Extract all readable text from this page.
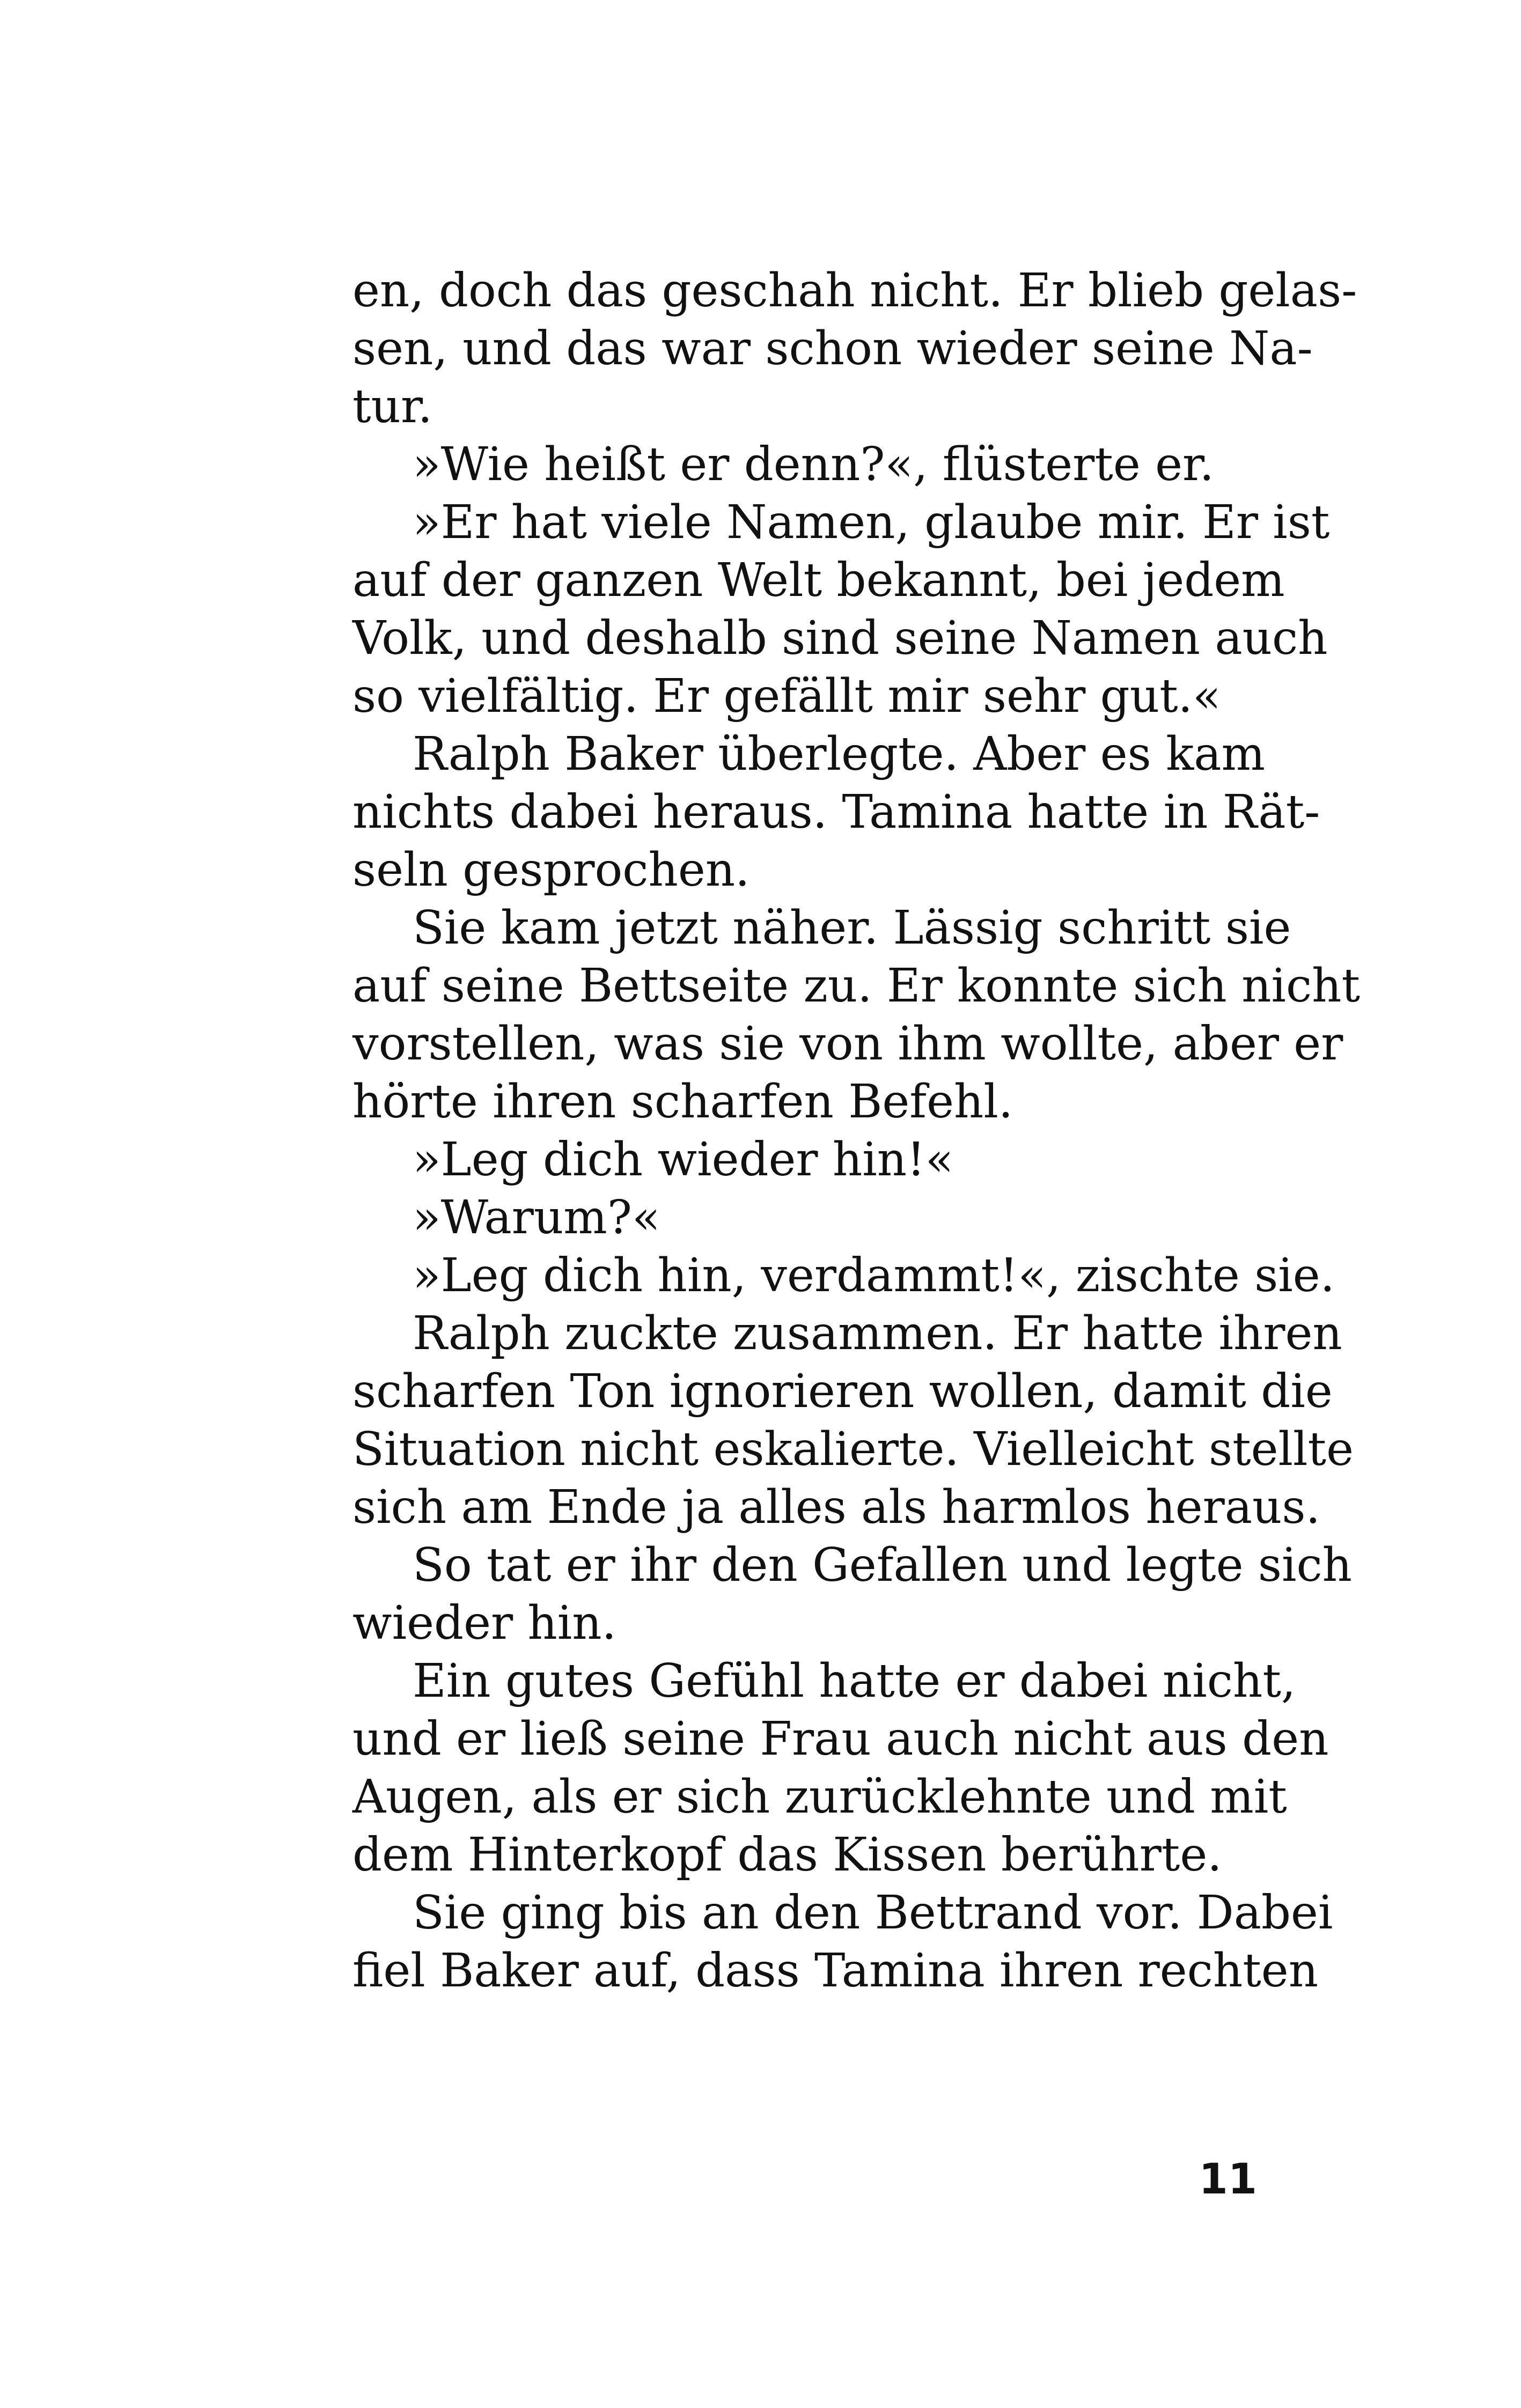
en, doch das geschah nicht. Er blieb gelas-
sen, und das war schon wieder seine Na-
tur.
»Wie heißt er denn?«, flüsterte er.
»Er hat viele Namen, glaube mir. Er ist
auf der ganzen Welt bekannt, bei jedem
Volk, und deshalb sind seine Namen auch
so vielfältig. Er gefällt mir sehr gut.«
Ralph Baker überlegte. Aber es kam
nichts dabei heraus. Tamina hatte in Rät-
seln gesprochen.
Sie kam jetzt näher. Lässig schritt sie
auf seine Bettseite zu. Er konnte sich nicht
vorstellen, was sie von ihm wollte, aber er
hörte ihren scharfen Befehl.
»Leg dich wieder hin!«
»Warum?«
»Leg dich hin, verdammt!«, zischte sie.
Ralph zuckte zusammen. Er hatte ihren
scharfen Ton ignorieren wollen, damit die
Situation nicht eskalierte. Vielleicht stellte
sich am Ende ja alles als harmlos heraus.
So tat er ihr den Gefallen und legte sich
wieder hin.
Ein gutes Gefühl hatte er dabei nicht,
und er ließ seine Frau auch nicht aus den
Augen, als er sich zurücklehnte und mit
dem Hinterkopf das Kissen berührte.
Sie ging bis an den Bettrand vor. Dabei
fiel Baker auf, dass Tamina ihren rechten
11
